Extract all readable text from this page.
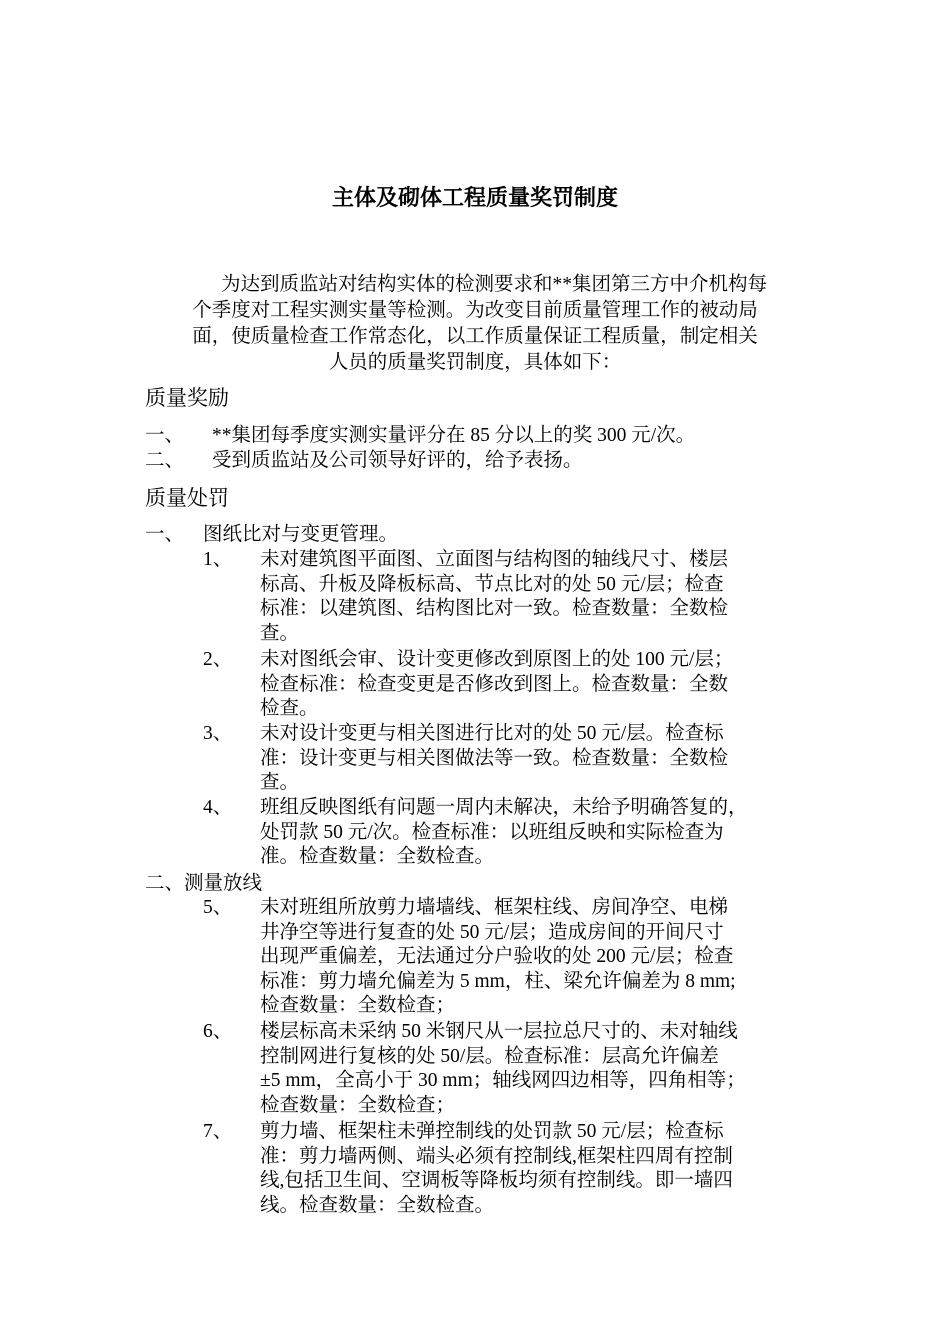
主体及砌体工程质量奖罚制度
为达到质监站对结构实体的检测要求和**集团第三方中介机构每
个季度对工程实测实量等检测。为改变目前质量管理工作的被动局
面，使质量检查工作常态化，以工作质量保证工程质量，制定相关
人员的质量奖罚制度，具体如下：
质量奖励
一、 **集团每季度实测实量评分在 85 分以上的奖 300 元/次。
二、 受到质监站及公司领导好评的，给予表扬。
质量处罚
一、 图纸比对与变更管理。
1、 未对建筑图平面图、立面图与结构图的轴线尺寸、楼层
标高、升板及降板标高、节点比对的处 50 元/层；检查
标准：以建筑图、结构图比对一致。检查数量：全数检
查。
2、 未对图纸会审、设计变更修改到原图上的处 100 元/层；
检查标准：检查变更是否修改到图上。检查数量：全数
检查。
3、 未对设计变更与相关图进行比对的处 50 元/层。检查标
准：设计变更与相关图做法等一致。检查数量：全数检
查。
4、 班组反映图纸有问题一周内未解决，未给予明确答复的，
处罚款 50 元/次。检查标准：以班组反映和实际检查为
准。检查数量：全数检查。
二、测量放线
5、 未对班组所放剪力墙墙线、框架柱线、房间净空、电梯
井净空等进行复查的处 50 元/层；造成房间的开间尺寸
出现严重偏差，无法通过分户验收的处 200 元/层；检查
标准：剪力墙允偏差为 5 mm，柱、梁允许偏差为 8 mm;
检查数量：全数检查；
6、 楼层标高未采纳 50 米钢尺从一层拉总尺寸的、未对轴线
控制网进行复核的处 50/层。检查标准：层高允许偏差
±5 mm，全高小于 30 mm；轴线网四边相等，四角相等；
检查数量：全数检查；
7、 剪力墙、框架柱未弹控制线的处罚款 50 元/层；检查标
准：剪力墙两侧、端头必须有控制线,框架柱四周有控制
线,包括卫生间、空调板等降板均须有控制线。即一墙四
线。检查数量：全数检查。
